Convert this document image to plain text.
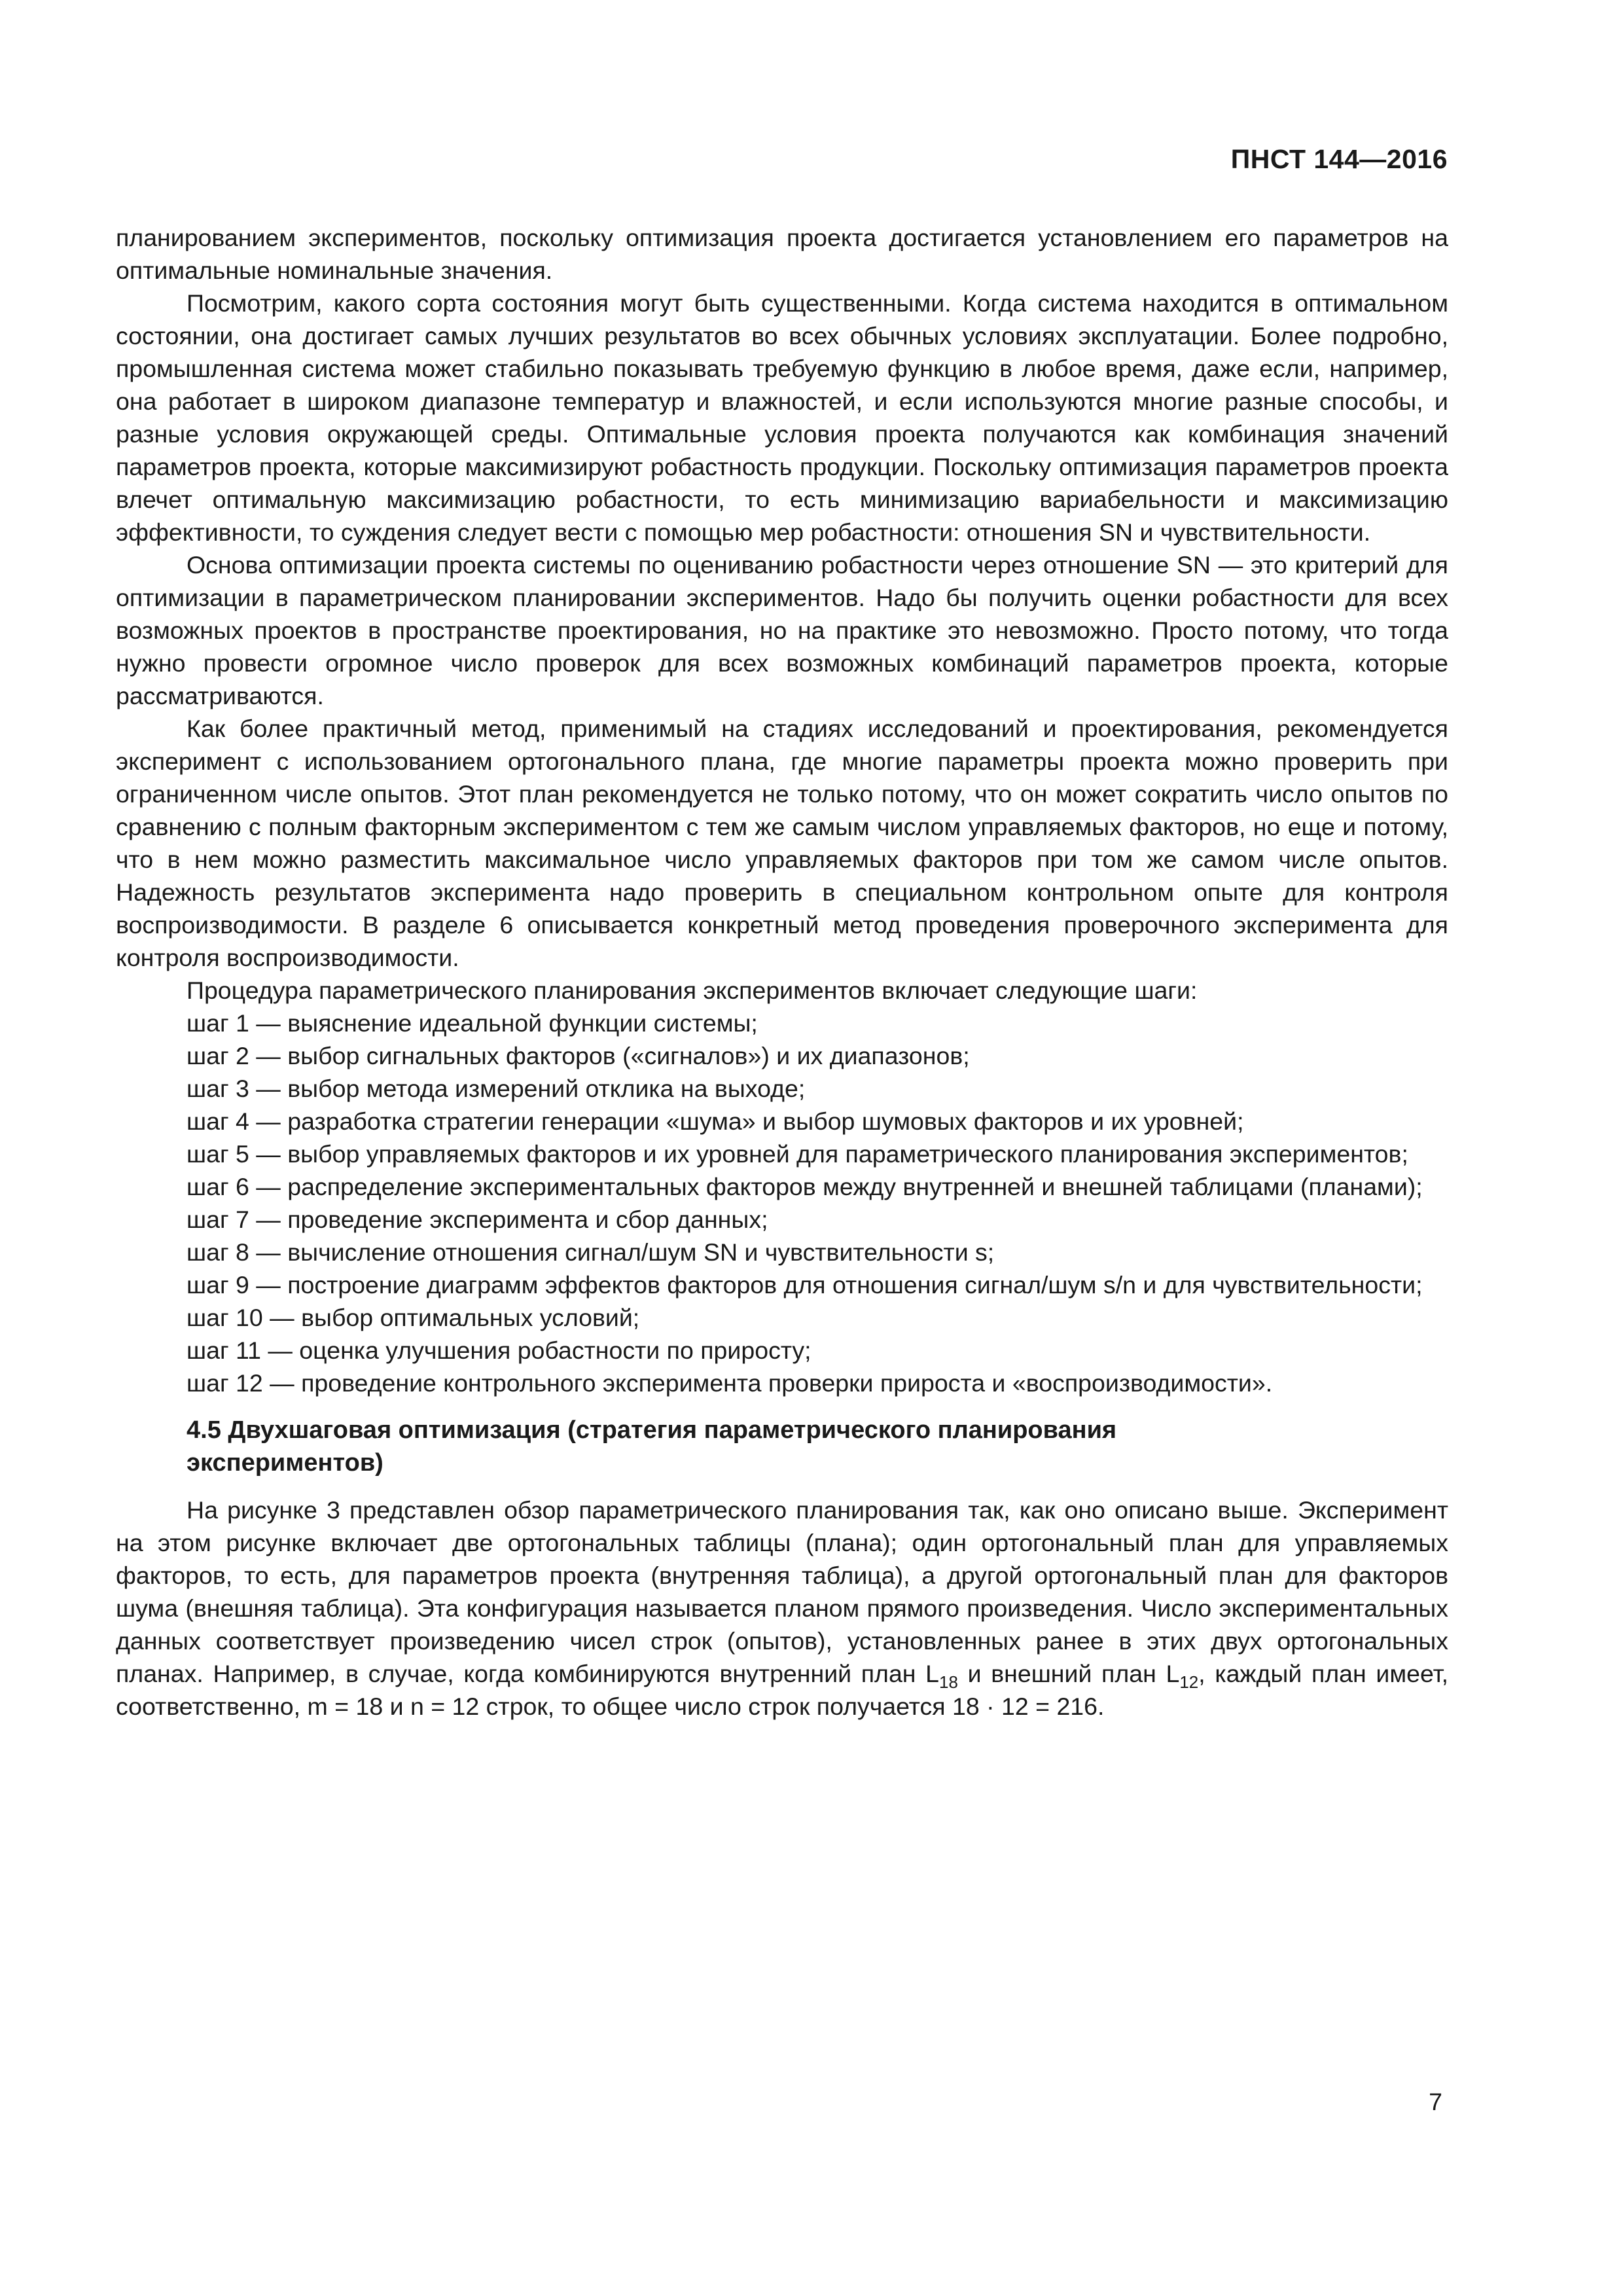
ПНСТ 144—2016

планированием экспериментов, поскольку оптимизация проекта достигается установлением его параметров на оптимальные номинальные значения.

Посмотрим, какого сорта состояния могут быть существенными. Когда система находится в оптимальном состоянии, она достигает самых лучших результатов во всех обычных условиях эксплуатации. Более подробно, промышленная система может стабильно показывать требуемую функцию в любое время, даже если, например, она работает в широком диапазоне температур и влажностей, и если используются многие разные способы, и разные условия окружающей среды. Оптимальные условия проекта получаются как комбинация значений параметров проекта, которые максимизируют робастность продукции. Поскольку оптимизация параметров проекта влечет оптимальную максимизацию робастности, то есть минимизацию вариабельности и максимизацию эффективности, то суждения следует вести с помощью мер робастности: отношения SN и чувствительности.

Основа оптимизации проекта системы по оцениванию робастности через отношение SN — это критерий для оптимизации в параметрическом планировании экспериментов. Надо бы получить оценки робастности для всех возможных проектов в пространстве проектирования, но на практике это невозможно. Просто потому, что тогда нужно провести огромное число проверок для всех возможных комбинаций параметров проекта, которые рассматриваются.

Как более практичный метод, применимый на стадиях исследований и проектирования, рекомендуется эксперимент с использованием ортогонального плана, где многие параметры проекта можно проверить при ограниченном числе опытов. Этот план рекомендуется не только потому, что он может сократить число опытов по сравнению с полным факторным экспериментом с тем же самым числом управляемых факторов, но еще и потому, что в нем можно разместить максимальное число управляемых факторов при том же самом числе опытов. Надежность результатов эксперимента надо проверить в специальном контрольном опыте для контроля воспроизводимости. В разделе 6 описывается конкретный метод проведения проверочного эксперимента для контроля воспроизводимости.

Процедура параметрического планирования экспериментов включает следующие шаги:

шаг 1 — выяснение идеальной функции системы;

шаг 2 — выбор сигнальных факторов («сигналов») и их диапазонов;

шаг 3 — выбор метода измерений отклика на выходе;

шаг 4 — разработка стратегии генерации «шума» и выбор шумовых факторов и их уровней;

шаг 5 — выбор управляемых факторов и их уровней для параметрического планирования экспериментов;

шаг 6 — распределение экспериментальных факторов между внутренней и внешней таблицами (планами);

шаг 7 — проведение эксперимента и сбор данных;

шаг 8 — вычисление отношения сигнал/шум SN и чувствительности s;

шаг 9 — построение диаграмм эффектов факторов для отношения сигнал/шум s/n и для чувствительности;

шаг 10 — выбор оптимальных условий;

шаг 11 — оценка улучшения робастности по приросту;

шаг 12 — проведение контрольного эксперимента проверки прироста и «воспроизводимости».

4.5 Двухшаговая оптимизация (стратегия параметрического планирования
экспериментов)

На рисунке 3 представлен обзор параметрического планирования так, как оно описано выше. Эксперимент на этом рисунке включает две ортогональных таблицы (плана); один ортогональный план для управляемых факторов, то есть, для параметров проекта (внутренняя таблица), а другой ортогональный план для факторов шума (внешняя таблица). Эта конфигурация называется планом прямого произведения. Число экспериментальных данных соответствует произведению чисел строк (опытов), установленных ранее в этих двух ортогональных планах. Например, в случае, когда комбинируются внутренний план $L_{18}$ и внешний план $L_{12}$, каждый план имеет, соответственно, m = 18 и n = 12 строк, то общее число строк получается 18 · 12 = 216.

7
